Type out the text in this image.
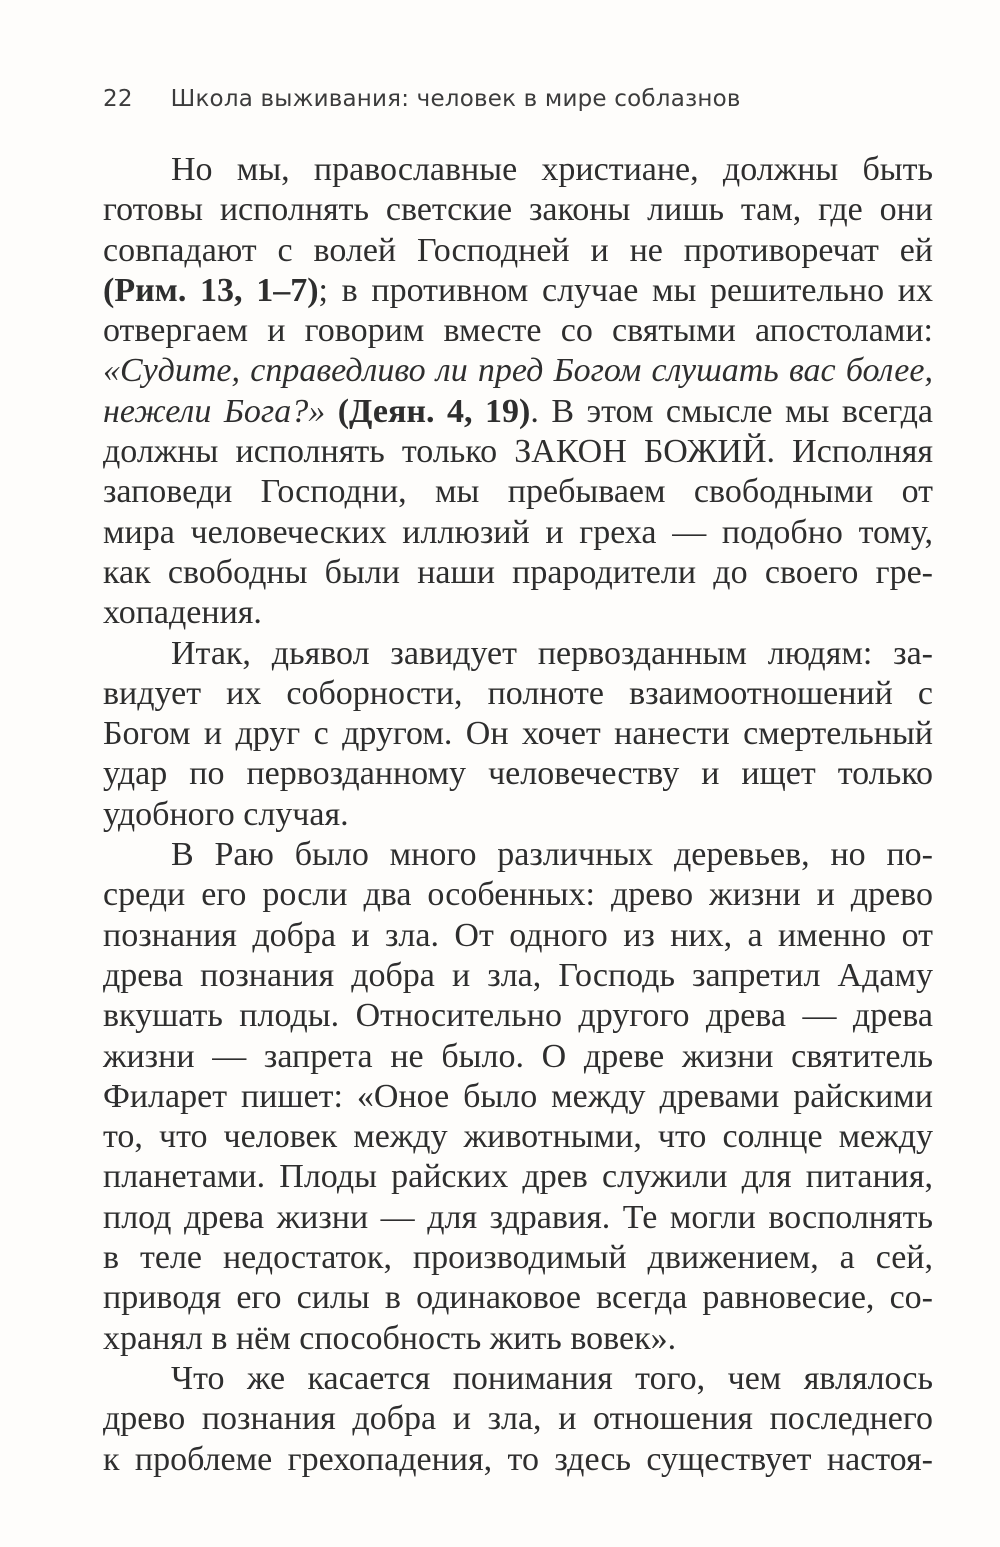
22 Школа выживания: человек в мире соблазнов
Но мы, православные христиане, должны быть
готовы исполнять светские законы лишь там, где они
совпадают с волей Господней и не противоречат ей
(Рим. 13, 1–7); в противном случае мы решительно их
отвергаем и говорим вместе со святыми апостолами:
«Судите, справедливо ли пред Богом слушать вас более,
нежели Бога?» (Деян. 4, 19). В этом смысле мы всегда
должны исполнять только ЗАКОН БОЖИЙ. Исполняя
заповеди Господни, мы пребываем свободными от
мира человеческих иллюзий и греха — подобно тому,
как свободны были наши прародители до своего гре-
хопадения.
Итак, дьявол завидует первозданным людям: за-
видует их соборности, полноте взаимоотношений с
Богом и друг с другом. Он хочет нанести смертельный
удар по первозданному человечеству и ищет только
удобного случая.
В Раю было много различных деревьев, но по-
среди его росли два особенных: древо жизни и древо
познания добра и зла. От одного из них, а именно от
древа познания добра и зла, Господь запретил Адаму
вкушать плоды. Относительно другого древа — древа
жизни — запрета не было. О древе жизни святитель
Филарет пишет: «Оное было между древами райскими
то, что человек между животными, что солнце между
планетами. Плоды райских древ служили для питания,
плод древа жизни — для здравия. Те могли восполнять
в теле недостаток, производимый движением, а сей,
приводя его силы в одинаковое всегда равновесие, со-
хранял в нём способность жить вовек».
Что же касается понимания того, чем являлось
древо познания добра и зла, и отношения последнего
к проблеме грехопадения, то здесь существует настоя-
